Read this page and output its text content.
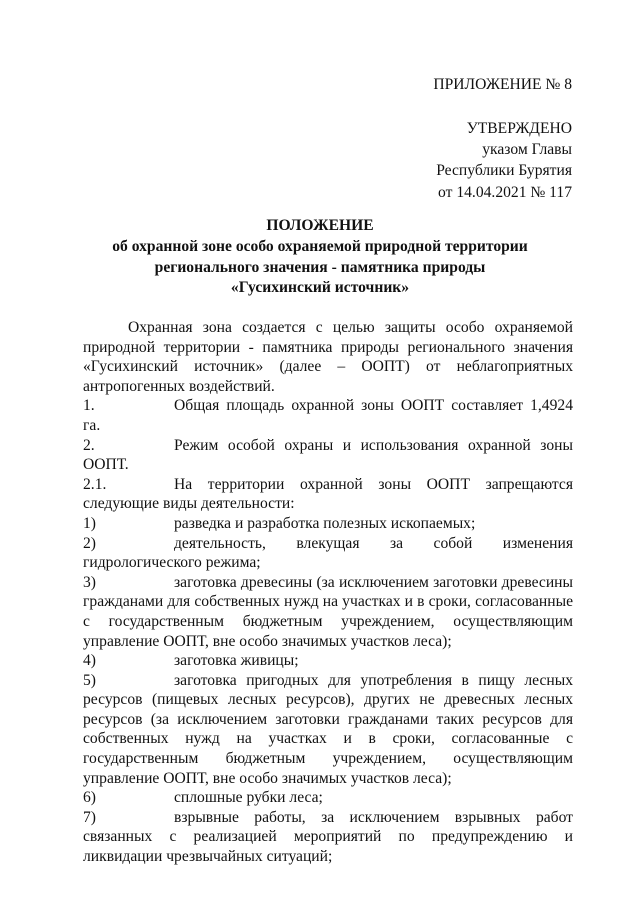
ПРИЛОЖЕНИЕ № 8
УТВЕРЖДЕНО
указом Главы
Республики Бурятия
от 14.04.2021 № 117
ПОЛОЖЕНИЕ
об охранной зоне особо охраняемой природной территории
регионального значения - памятника природы
«Гусихинский источник»

Охранная зона создается с целью защиты особо охраняемой природной территории - памятника природы регионального значения «Гусихинский источник» (далее – ООПТ) от неблагоприятных антропогенных воздействий.

1.	Общая площадь охранной зоны ООПТ составляет 1,4924 га.

2.	Режим особой охраны и использования охранной зоны ООПТ.

2.1.	На территории охранной зоны ООПТ запрещаются следующие виды деятельности:

1)	разведка и разработка полезных ископаемых;

2)	деятельность, влекущая за собой изменения гидрологического режима;

3)	заготовка древесины (за исключением заготовки древесины гражданами для собственных нужд на участках и в сроки, согласованные с государственным бюджетным учреждением, осуществляющим управление ООПТ, вне особо значимых участков леса);

4)	заготовка живицы;

5)	заготовка пригодных для употребления в пищу лесных ресурсов (пищевых лесных ресурсов), других не древесных лесных ресурсов (за исключением заготовки гражданами таких ресурсов для собственных нужд на участках и в сроки, согласованные с государственным бюджетным учреждением, осуществляющим управление ООПТ, вне особо значимых участков леса);

6)	сплошные рубки леса;

7)	взрывные работы, за исключением взрывных работ связанных с реализацией мероприятий по предупреждению и ликвидации чрезвычайных ситуаций;
